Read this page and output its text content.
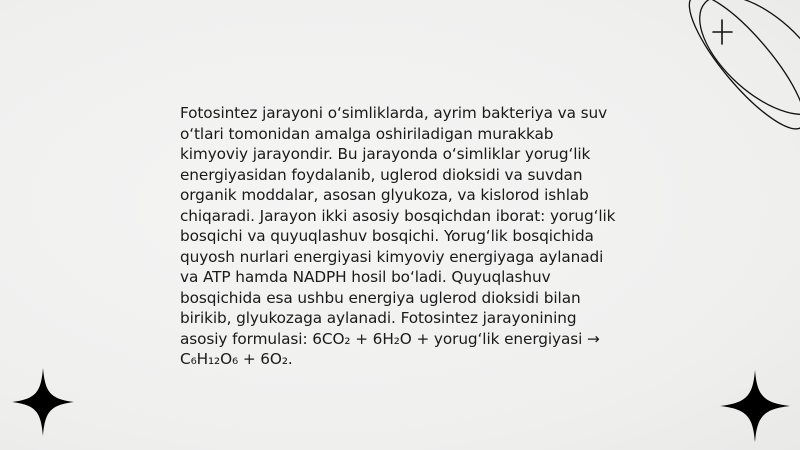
Fotosintez jarayoni o‘simliklarda, ayrim bakteriya va suv o‘tlari tomonidan amalga oshiriladigan murakkab kimyoviy jarayondir. Bu jarayonda o‘simliklar yorug‘lik energiyasidan foydalanib, uglerod dioksidi va suvdan organik moddalar, asosan glyukoza, va kislorod ishlab chiqaradi. Jarayon ikki asosiy bosqichdan iborat: yorug‘lik bosqichi va quyuqlashuv bosqichi. Yorug‘lik bosqichida quyosh nurlari energiyasi kimyoviy energiyaga aylanadi va ATP hamda NADPH hosil bo‘ladi. Quyuqlashuv bosqichida esa ushbu energiya uglerod dioksidi bilan birikib, glyukozaga aylanadi. Fotosintez jarayonining asosiy formulasi: 6CO₂ + 6H₂O + yorug‘lik energiyasi → C₆H₁₂O₆ + 6O₂.
